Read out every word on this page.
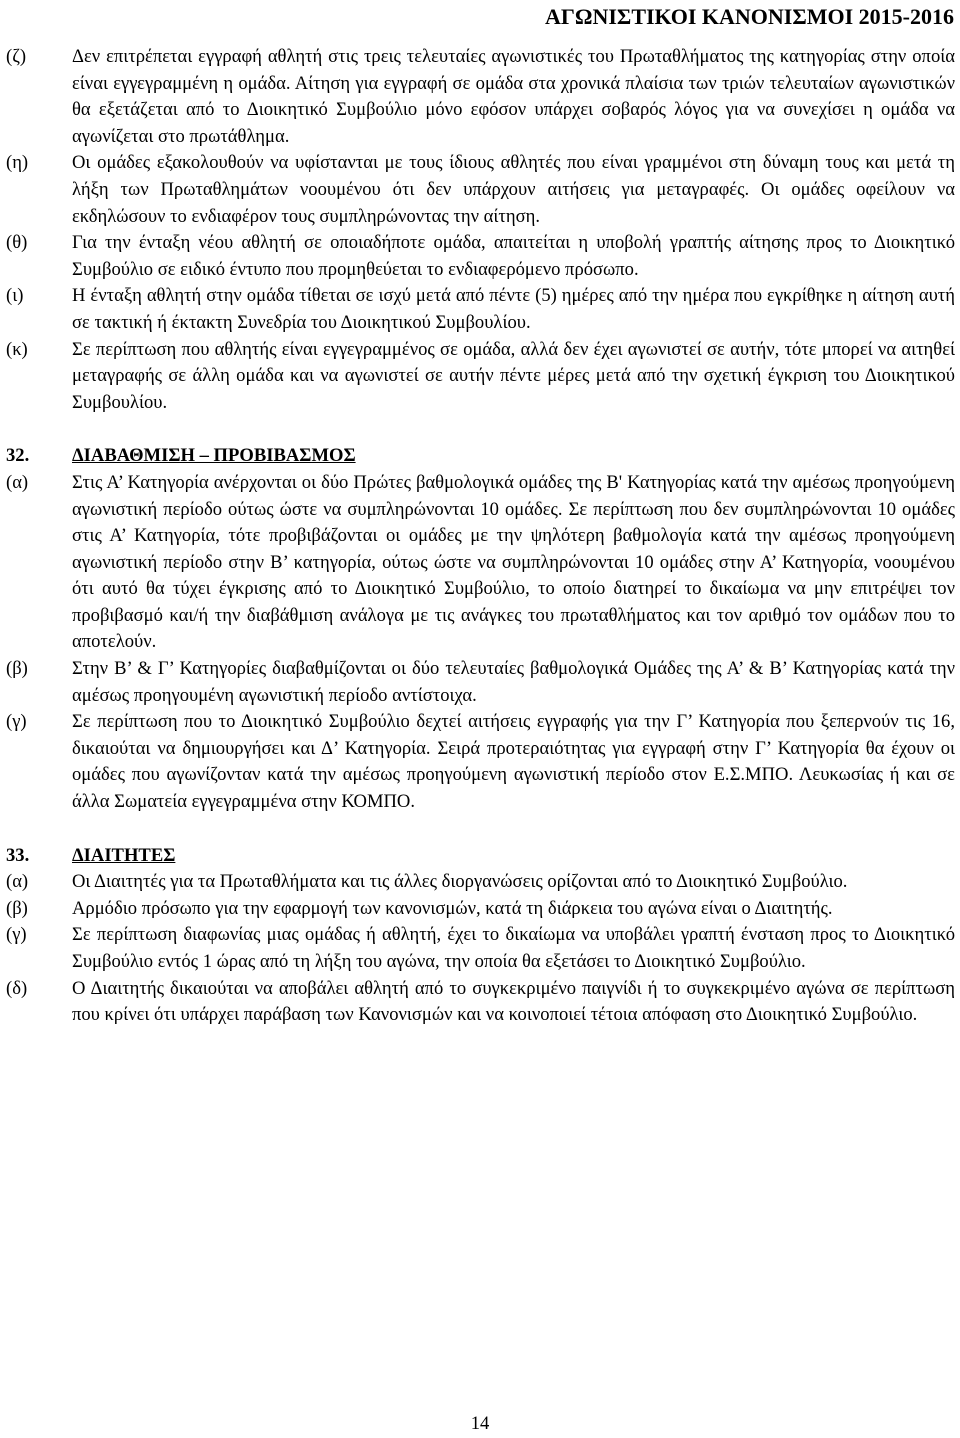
ΑΓΩΝΙΣΤΙΚΟΙ ΚΑΝΟΝΙΣΜΟΙ 2015-2016
(ζ)	Δεν επιτρέπεται εγγραφή αθλητή στις τρεις τελευταίες αγωνιστικές του Πρωταθλήματος της κατηγορίας στην οποία είναι εγγεγραμμένη η ομάδα. Αίτηση για εγγραφή σε ομάδα στα χρονικά πλαίσια των τριών τελευταίων αγωνιστικών θα εξετάζεται από το Διοικητικό Συμβούλιο μόνο εφόσον υπάρχει σοβαρός λόγος για να συνεχίσει η ομάδα να αγωνίζεται στο πρωτάθλημα.
(η)	Οι ομάδες εξακολουθούν να υφίστανται με τους ίδιους αθλητές που είναι γραμμένοι στη δύναμη τους και μετά τη λήξη των Πρωταθλημάτων νοουμένου ότι δεν υπάρχουν αιτήσεις για μεταγραφές. Οι ομάδες οφείλουν να εκδηλώσουν το ενδιαφέρον τους συμπληρώνοντας την αίτηση.
(θ)	Για την ένταξη νέου αθλητή σε οποιαδήποτε ομάδα, απαιτείται η υποβολή γραπτής αίτησης προς το Διοικητικό Συμβούλιο σε ειδικό έντυπο που προμηθεύεται το ενδιαφερόμενο πρόσωπο.
(ι)	Η ένταξη αθλητή στην ομάδα τίθεται σε ισχύ μετά από πέντε (5) ημέρες από την ημέρα που εγκρίθηκε η αίτηση αυτή σε τακτική ή έκτακτη Συνεδρία του Διοικητικού Συμβουλίου.
(κ)	Σε περίπτωση που αθλητής είναι εγγεγραμμένος σε ομάδα, αλλά δεν έχει αγωνιστεί σε αυτήν, τότε μπορεί να αιτηθεί μεταγραφής σε άλλη ομάδα και να αγωνιστεί σε αυτήν πέντε μέρες μετά από την σχετική έγκριση του Διοικητικού Συμβουλίου.
32.	ΔΙΑΒΑΘΜΙΣΗ – ΠΡΟΒΙΒΑΣΜΟΣ
(α)	Στις Α’ Κατηγορία ανέρχονται οι δύο Πρώτες βαθμολογικά ομάδες της Β' Κατηγορίας κατά την αμέσως προηγούμενη αγωνιστική περίοδο ούτως ώστε να συμπληρώνονται 10 ομάδες. Σε περίπτωση που δεν συμπληρώνονται 10 ομάδες στις Α’ Κατηγορία, τότε προβιβάζονται οι ομάδες με την ψηλότερη βαθμολογία κατά την αμέσως προηγούμενη αγωνιστική περίοδο στην Β’ κατηγορία, ούτως ώστε να συμπληρώνονται 10 ομάδες στην Α’ Κατηγορία, νοουμένου ότι αυτό θα τύχει έγκρισης από το Διοικητικό Συμβούλιο, το οποίο διατηρεί το δικαίωμα να μην επιτρέψει τον προβιβασμό και/ή την διαβάθμιση ανάλογα με τις ανάγκες του πρωταθλήματος και τον αριθμό τον ομάδων που το αποτελούν.
(β)	Στην Β’ & Γ’ Κατηγορίες διαβαθμίζονται οι δύο τελευταίες βαθμολογικά Ομάδες της Α’ & Β’ Κατηγορίας κατά την αμέσως προηγουμένη αγωνιστική περίοδο αντίστοιχα.
(γ)	Σε περίπτωση που το Διοικητικό Συμβούλιο δεχτεί αιτήσεις εγγραφής για την Γ’ Κατηγορία που ξεπερνούν τις 16, δικαιούται να δημιουργήσει και Δ’ Κατηγορία. Σειρά προτεραιότητας για εγγραφή στην Γ’ Κατηγορία θα έχουν οι ομάδες που αγωνίζονταν κατά την αμέσως προηγούμενη αγωνιστική περίοδο στον Ε.Σ.ΜΠΟ. Λευκωσίας ή και σε άλλα Σωματεία εγγεγραμμένα στην ΚΟΜΠΟ.
33.	ΔΙΑΙΤΗΤΕΣ
(α)	Οι Διαιτητές για τα Πρωταθλήματα και τις άλλες διοργανώσεις ορίζονται από το Διοικητικό Συμβούλιο.
(β)	Αρμόδιο πρόσωπο για την εφαρμογή των κανονισμών, κατά τη διάρκεια του αγώνα είναι ο Διαιτητής.
(γ)	Σε περίπτωση διαφωνίας μιας ομάδας ή αθλητή, έχει το δικαίωμα να υποβάλει γραπτή ένσταση προς το Διοικητικό Συμβούλιο εντός 1 ώρας από τη λήξη του αγώνα, την οποία θα εξετάσει το Διοικητικό Συμβούλιο.
(δ)	Ο Διαιτητής δικαιούται να αποβάλει αθλητή από το συγκεκριμένο παιγνίδι ή το συγκεκριμένο αγώνα σε περίπτωση που κρίνει ότι υπάρχει παράβαση των Κανονισμών και να κοινοποιεί τέτοια απόφαση στο Διοικητικό Συμβούλιο.
14
